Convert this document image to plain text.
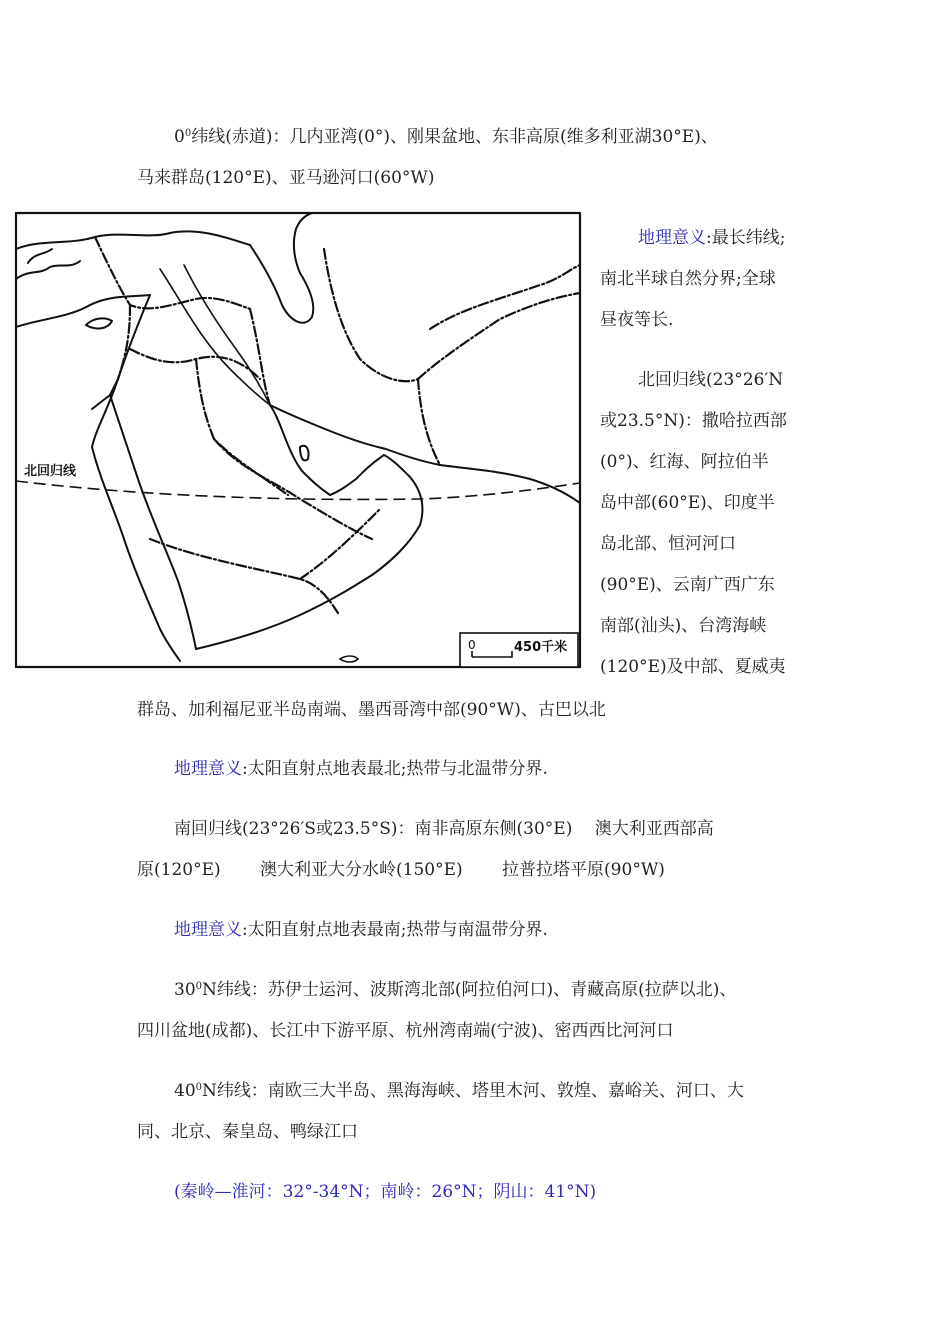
$0^0$纬线(赤道)：几内亚湾(0°)、刚果盆地、东非高原(维多利亚湖30°E)、
马来群岛(120°E)、亚马逊河口(60°W)
北回归线
0	450千米
地理意义:最长纬线;
南北半球自然分界;全球
昼夜等长.
北回归线(23°26′N
或23.5°N)：撒哈拉西部
(0°)、红海、阿拉伯半
岛中部(60°E)、印度半
岛北部、恒河河口
(90°E)、云南广西广东
南部(汕头)、台湾海峡
(120°E)及中部、夏威夷
群岛、加利福尼亚半岛南端、墨西哥湾中部(90°W)、古巴以北
地理意义:太阳直射点地表最北;热带与北温带分界.
南回归线(23°26′S或23.5°S)：南非高原东侧(30°E)　 澳大利亚西部高
原(120°E)　　 澳大利亚大分水岭(150°E)　　 拉普拉塔平原(90°W)
地理意义:太阳直射点地表最南;热带与南温带分界.
$30^0N$纬线：苏伊士运河、波斯湾北部(阿拉伯河口)、青藏高原(拉萨以北)、
四川盆地(成都)、长江中下游平原、杭州湾南端(宁波)、密西西比河河口
$40^0N$纬线：南欧三大半岛、黑海海峡、塔里木河、敦煌、嘉峪关、河口、大
同、北京、秦皇岛、鸭绿江口
(秦岭—淮河：32°-34°N；南岭：26°N；阴山：41°N)
